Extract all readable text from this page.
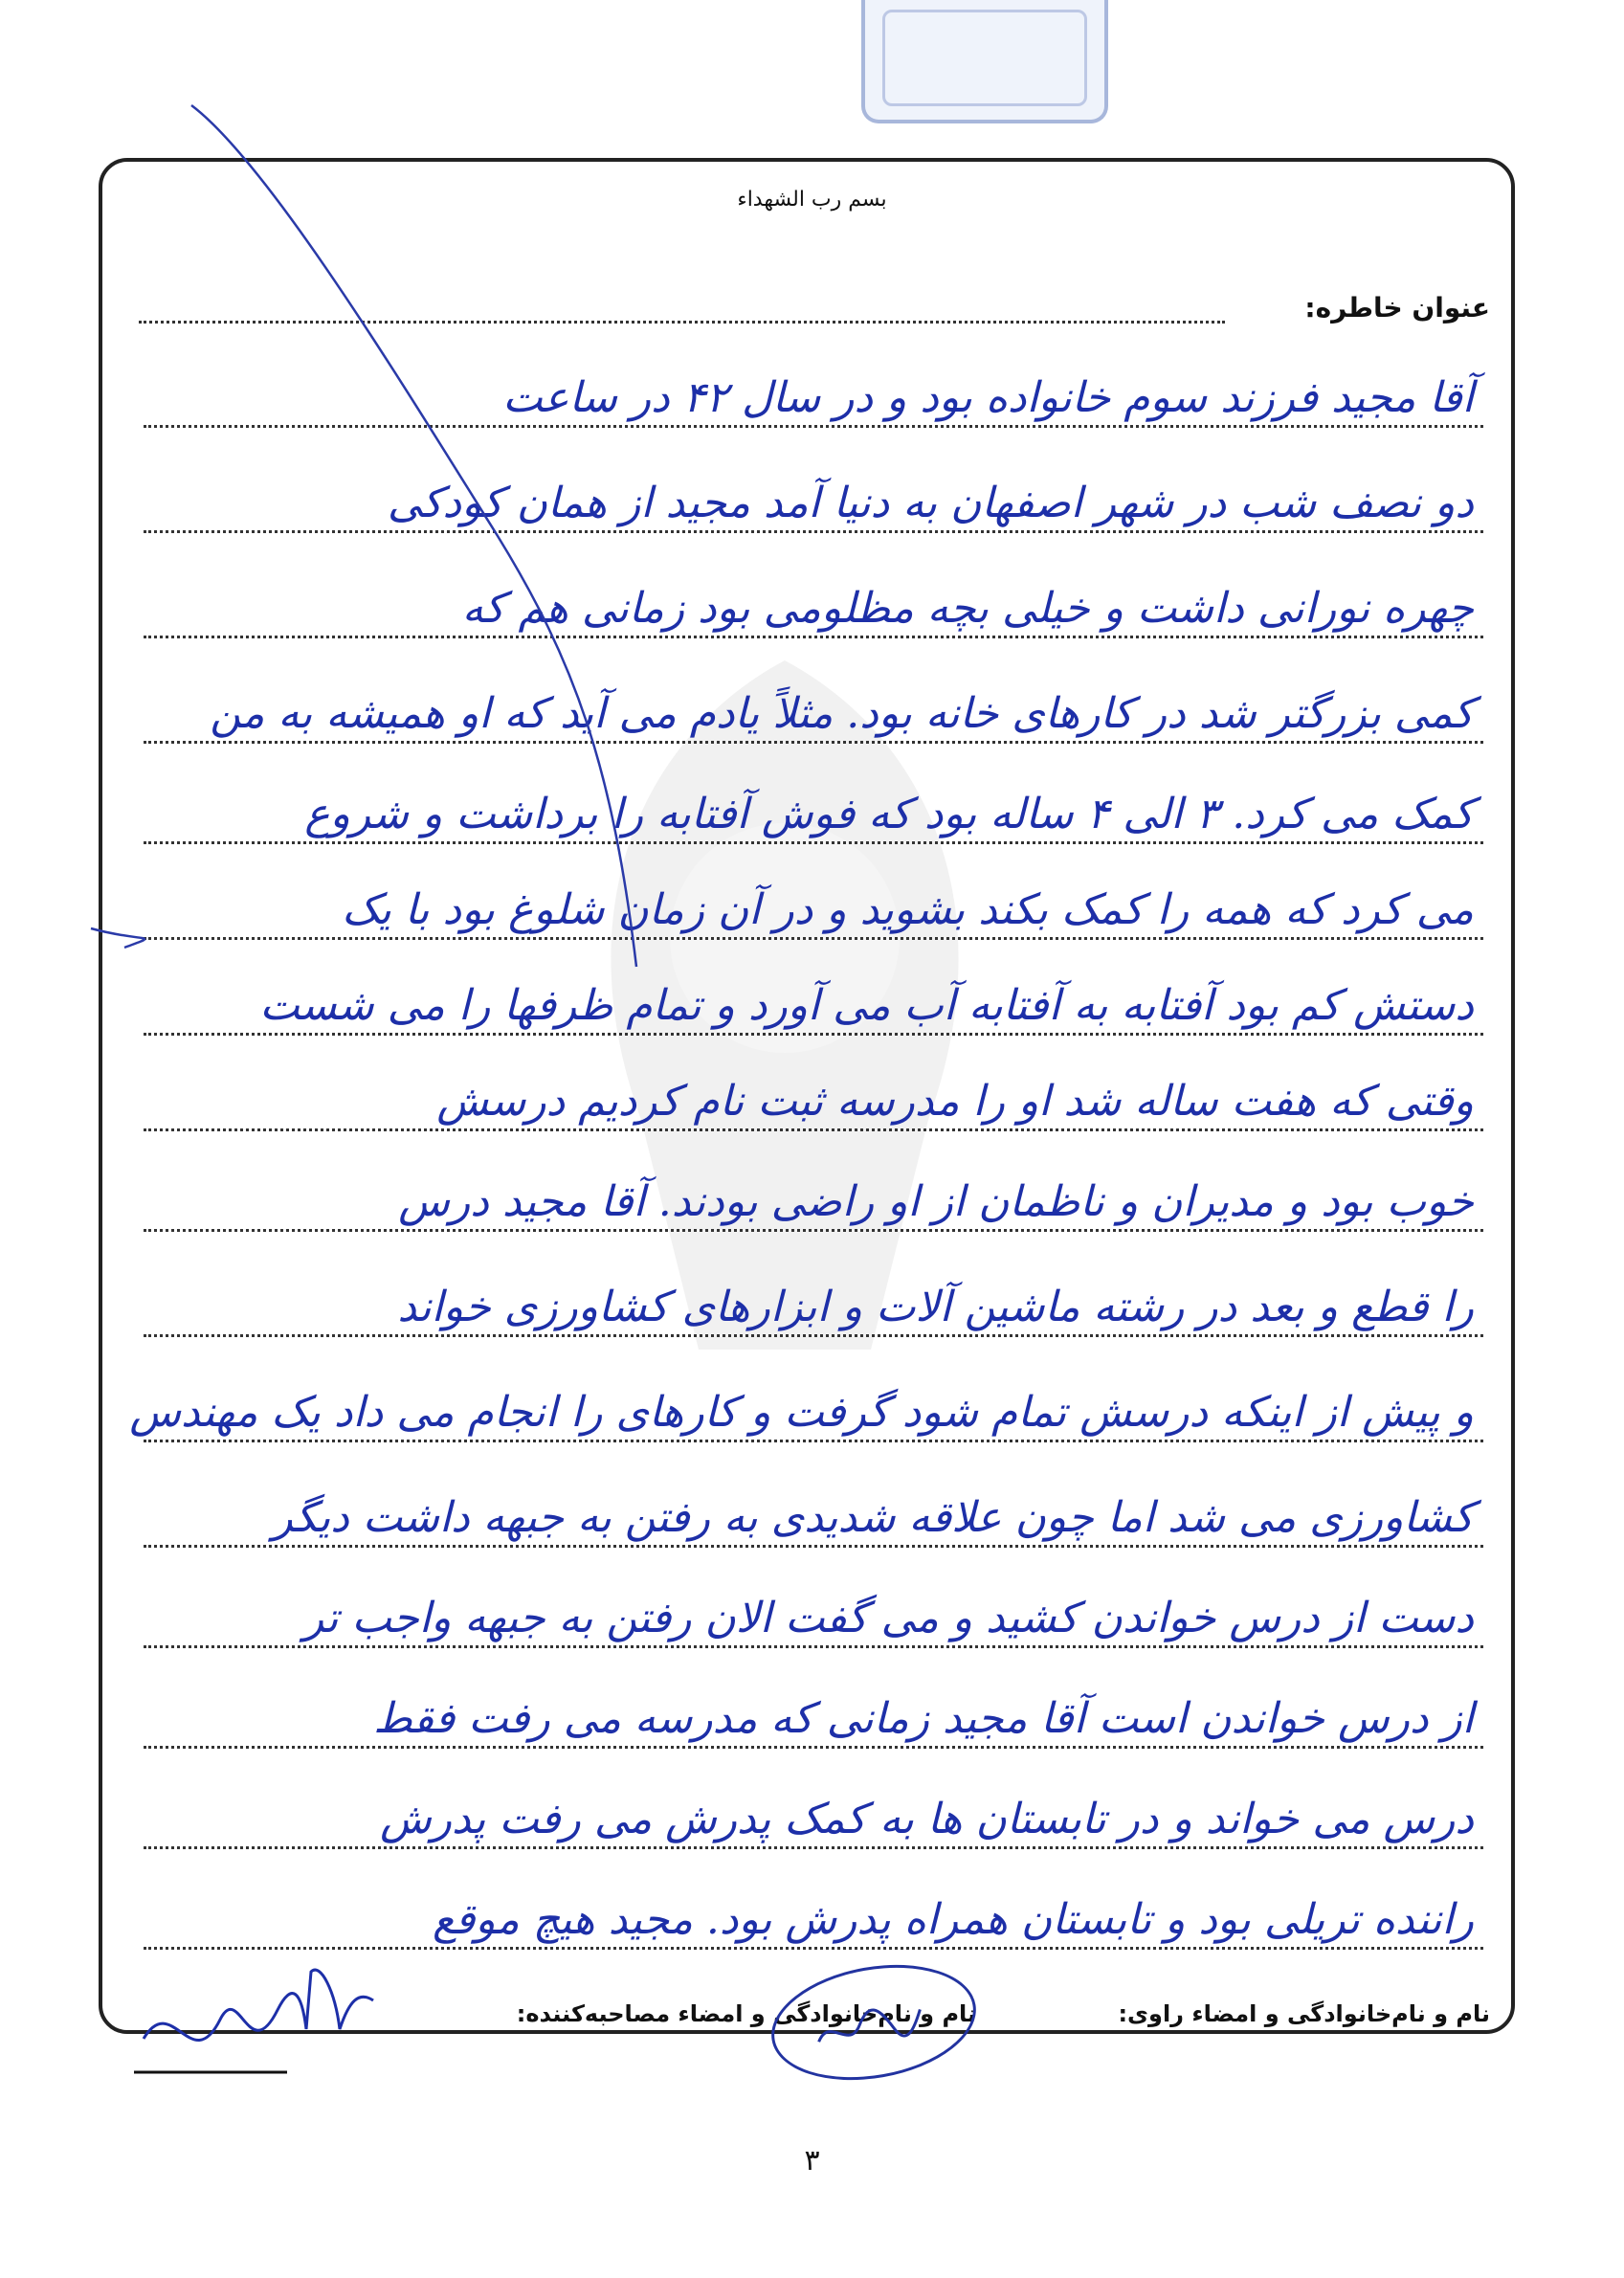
بسم رب الشهداء
عنوان خاطره:
آقا مجید فرزند سوم خانواده بود و در سال ۴۲ در ساعت
دو نصف شب در شهر اصفهان به دنیا آمد مجید از همان کودکی
چهره نورانی داشت و خیلی بچه مظلومی بود زمانی هم که
کمی بزرگتر شد در کارهای خانه بود. مثلاً یادم می آید که او همیشه به من
کمک می کرد. ۳ الی ۴ ساله بود که فوش آفتابه را برداشت و شروع
می کرد که همه را کمک بکند بشوید و در آن زمان شلوغ بود با یک
دستش کم بود آفتابه به آفتابه آب می آورد و تمام ظرفها را می شست
وقتی که هفت ساله شد او را مدرسه ثبت نام کردیم درسش
خوب بود و مدیران و ناظمان از او راضی بودند. آقا مجید درس
را قطع و بعد در رشته ماشین آلات و ابزارهای کشاورزی خواند
و پیش از اینکه درسش تمام شود گرفت و کارهای را انجام می داد یک مهندس
کشاورزی می شد اما چون علاقه شدیدی به رفتن به جبهه داشت دیگر
دست از درس خواندن کشید و می گفت الان رفتن به جبهه واجب تر
از درس خواندن است آقا مجید زمانی که مدرسه می رفت فقط
درس می خواند و در تابستان ها به کمک پدرش می رفت پدرش
راننده تریلی بود و تابستان همراه پدرش بود. مجید هیچ موقع
نام و نام‌خانوادگی و امضاء راوی: نام و نام‌خانوادگی و امضاء مصاحبه‌کننده:
۳
